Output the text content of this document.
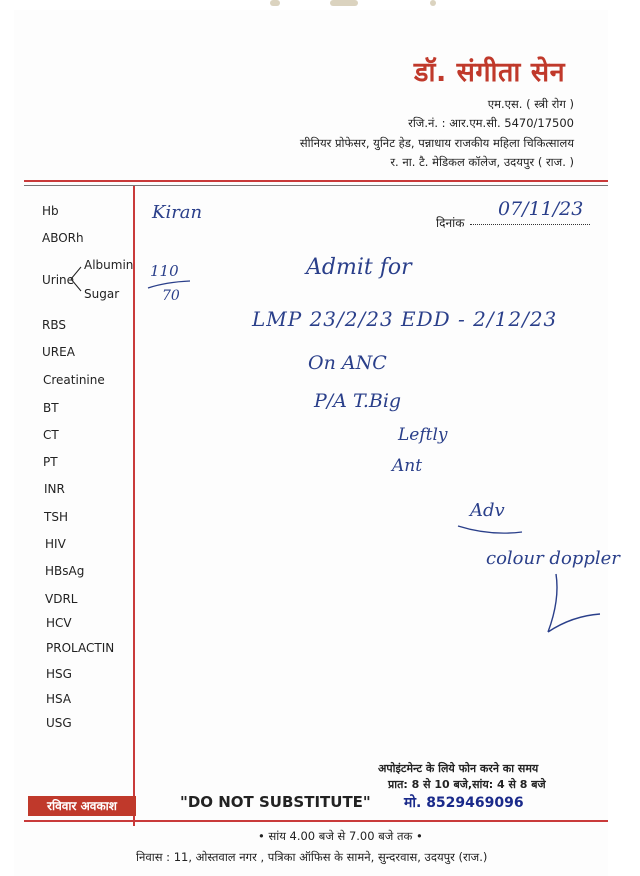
डॉ. संगीता सेन
एम.एस. ( स्त्री रोग )
रजि.नं. : आर.एम.सी. 5470/17500
सीनियर प्रोफेसर, युनिट हेड, पन्नाधाय राजकीय महिला चिकित्सालय
र. ना. टै. मेडिकल कॉलेज, उदयपुर ( राज. )
Hb
ABORh
Urine
Albumin
Sugar
RBS
UREA
Creatinine
BT
CT
PT
INR
TSH
HIV
HBsAg
VDRL
HCV
PROLACTIN
HSG
HSA
USG
दिनांक
07/11/23
Kiran
110
70
Admit for
LMP 23/2/23 EDD - 2/12/23
On ANC
P/A T.Big
Leftly
Ant
Adv
colour doppler
अपोइंटमेन्ट के लिये फोन करने का समय
प्रात: 8 से 10 बजे,सांय: 4 से 8 बजे
रविवार अवकाश	"DO NOT SUBSTITUTE" मो. 8529469096
• सांय 4.00 बजे से 7.00 बजे तक •
निवास : 11, ओस्तवाल नगर , पत्रिका ऑफिस के सामने, सुन्दरवास, उदयपुर (राज.)
